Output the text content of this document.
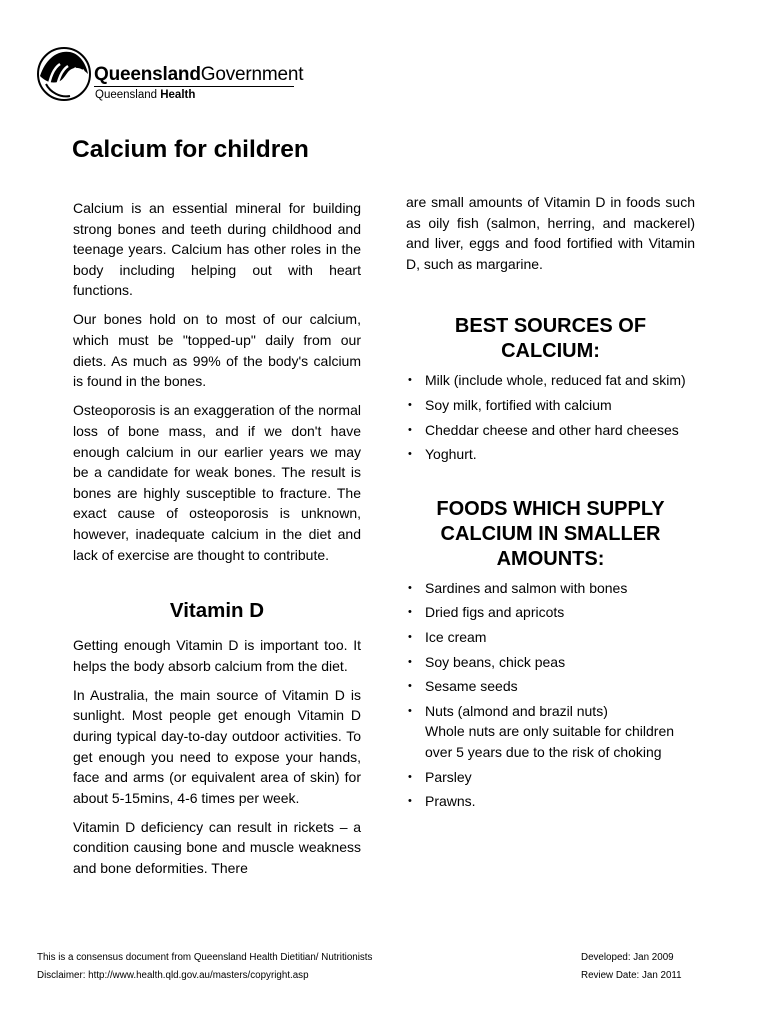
QueenslandGovernment
Queensland Health
Calcium for children

Calcium is an essential mineral for building strong bones and teeth during childhood and teenage years. Calcium has other roles in the body including helping out with heart functions.

Our bones hold on to most of our calcium, which must be "topped-up" daily from our diets. As much as 99% of the body's calcium is found in the bones.

Osteoporosis is an exaggeration of the normal loss of bone mass, and if we don't have enough calcium in our earlier years we may be a candidate for weak bones. The result is bones are highly susceptible to fracture. The exact cause of osteoporosis is unknown, however, inadequate calcium in the diet and lack of exercise are thought to contribute.

Vitamin D

Getting enough Vitamin D is important too. It helps the body absorb calcium from the diet.

In Australia, the main source of Vitamin D is sunlight. Most people get enough Vitamin D during typical day-to-day outdoor activities. To get enough you need to expose your hands, face and arms (or equivalent area of skin) for about 5-15mins, 4-6 times per week.

Vitamin D deficiency can result in rickets – a condition causing bone and muscle weakness and bone deformities. There

are small amounts of Vitamin D in foods such as oily fish (salmon, herring, and mackerel) and liver, eggs and food fortified with Vitamin D, such as margarine.

BEST SOURCES OF CALCIUM:
• Milk (include whole, reduced fat and skim)
• Soy milk, fortified with calcium
• Cheddar cheese and other hard cheeses
• Yoghurt.
FOODS WHICH SUPPLY CALCIUM IN SMALLER AMOUNTS:
• Sardines and salmon with bones
• Dried figs and apricots
• Ice cream
• Soy beans, chick peas
• Sesame seeds
• Nuts (almond and brazil nuts)
Whole nuts are only suitable for children over 5 years due to the risk of choking
• Parsley
• Prawns.
This is a consensus document from Queensland Health Dietitian/ Nutritionists
Disclaimer: http://www.health.qld.gov.au/masters/copyright.asp
Developed: Jan 2009
Review Date: Jan 2011
